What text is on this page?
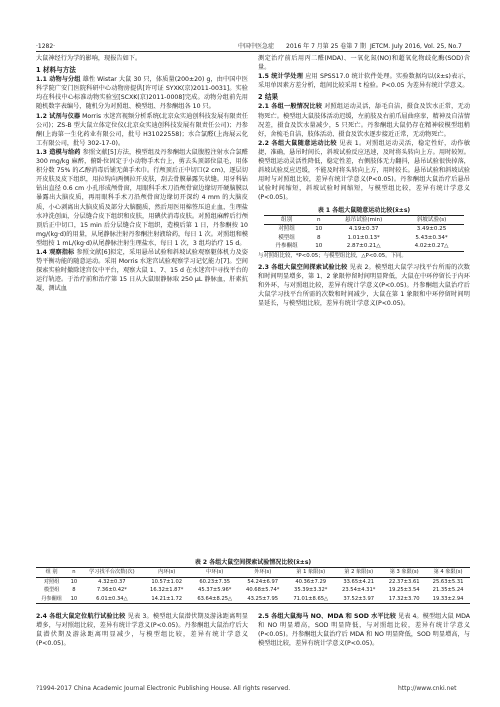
·1282·	中国中医急症 2016 年 7 月第 25 卷第 7 期 JETCM. July 2016, Vol. 25, No.7

大鼠神经行为学的影响，现报告如下。

1 材料与方法

1.1 动物与分组 雄性 Wistar 大鼠 30 只，体质量(200±20) g，由中国中医科学院广安门医院科研中心动物房提供[许可证 SYXK(京)2011-0031]。实验均在科技中心标准动物实验室[SCXK(京)2011-0008]完成。动物分组前先用随机数字表编号，随机分为对照组、模型组、丹参酮组各 10 只。

1.2 试剂与仪器 Morris 水迷宫视频分析系统(北京众实迪创科技发展有限责任公司)；ZS-B 型大鼠立体定位仪(北京众实迪创科技发展有限责任公司)；丹参酮(上海第一生化药业有限公司，批号 H31022558)；水合氯醛(上海展云化工有限公司，批号 302-17-0)。

1.3 造模与给药 参照文献[5]方法，模型组及丹参酮组大鼠腹腔注射水合氯醛 300 mg/kg 麻醉，俯卧位固定于小动物手术台上，剪去头顶部位鼠毛，用体积分数 75% 的乙醇消毒后铺无菌手术巾。行颅顶后正中切口(2 cm)，逐层切开皮肤及皮下组织，用拉钩向两侧拉开皮肤，刮去骨膜暴露矢状缝。用牙科钻钻出直径 0.6 cm 小孔形成颅骨窗，用眼科手术刀沿颅骨窗边缘切开硬脑膜以暴露出大脑皮质，再用眼科手术刀沿颅骨窗边缘切开深约 4 mm 的大脑皮质，小心剥离出大脑皮质及部分大脑髓质，然后用医用棉签压迫止血，生理盐水冲洗创面，分层缝合皮下组织和皮肤，用碘伏消毒皮肤。对照组麻醉后行颅顶后正中切口，15 min 后分层缝合皮下组织，造模后第 1 日，丹参酮按 10 mg/(kg·d)的用量，从尾静脉注射丹参酮注射液给药，每日 1 次。对照组和模型组按 1 mL/(kg·d)从尾静脉注射生理盐水，每日 1 次，3 组均治疗 15 d。

1.4 观察指标 参照文献[6]拟定，采用悬吊试验和斜坡试验观察躯体机力及姿势平衡功能的随意运动。采用 Morris 水迷宫试验观察学习记忆能力[7]。空间探索实验时撤除迷宫仪中平台，观察大鼠 1、7、15 d 在水迷宫中寻找平台的运行轨迹。于治疗前和治疗第 15 日从大鼠眼静脉取 250 μL 静脉血，肝素抗凝，测试血

测定治疗前后用丙二醛(MDA)、一氧化氮(NO)和超氧化物歧化酶(SOD)含量。

1.5 统计学处理 应用 SPSS17.0 统计软件处理。实验数据均以(x̄±s)表示，采用单因素方差分析，组间比较采用 t 检验。P<0.05 为差异有统计学意义。

2 结果

2.1 各组一般情况比较 对照组运动灵活，舔毛自洁，摄食及饮水正常，无动物死亡。模型组大鼠肢体活动迟缓，左前肢及右前爪屈曲痉挛，精神及自洁情况差，摄食及饮水量减少，5 只死亡。丹参酮组大鼠仍存在精神较模型组稍好，舍梳毛自洁，肢体活动、摄食及饮水逐步接近正常，无动物死亡。

2.2 各组大鼠随意运动比较 见表 1。对照组运动灵活，稳定性好，动作敏捷，准确，悬吊时间长，斜坡试验反应迅速，及时将头转向上方。用时较短。模型组运动灵活性降低，稳定性差，右侧肢体无力翻抖，悬吊试验很快掉落，斜坡试验反应迟缓，不能及时将头转向上方，用时较长。悬吊试验和斜坡试验用时与对照组比较，差异有统计学意义(P<0.05)。丹参酮组大鼠治疗后悬吊试验时间缩短，斜坡试验时间缩短，与模型组比较，差异有统计学意义(P<0.05)。

表 1 各组大鼠随意运动比较(x̄±s)
组别	n	悬吊试验(min)	斜坡试验(s)
对照组	10	4.19±0.37	3.49±0.25
模型组	8	1.01±0.13*	5.43±0.34*
丹参酮组	10	2.87±0.21△	4.02±0.27△
与对照组比较，*P<0.05；与模型组比较，△P<0.05。下同。

2.3 各组大鼠空间探索试验比较 见表 2。模型组大鼠学习找平台所需的次数和时间明显增多，第 1、2 象限停留时间明显降低，大鼠在中环停留长于内环和外环，与对照组比较，差异有统计学意义(P<0.05)。丹参酮组大鼠治疗后大鼠学习找平台所需的次数和时间减少，大鼠在第 1 象限和中环停留时间明显延长，与模型组比较，差异有统计学意义(P<0.05)。

表 2 各组大鼠空间探索试验情况比较(x̄±s)
组 别	n	学习找平台次数(次)	内环(s)	中环(s)	外环(s)	第 1 象限(s)	第 2 象限(s)	第 3 象限(s)	第 4 象限(s)
对照组	10	4.32±0.37	10.57±1.02	60.23±7.35	54.24±6.97	40.36±7.29	33.65±4.21	22.37±3.61	25.63±5.31
模型组	8	7.36±0.42*	16.32±1.87*	45.37±5.96*	40.68±5.74*	35.39±3.32*	23.54±4.31*	19.25±3.54	21.35±5.24
丹参酮组	10	6.01±0.34△	14.21±1.72	63.64±8.25△	43.25±7.95	71.01±8.65△	37.52±3.97	17.32±3.70	19.33±2.94

2.4 各组大鼠定位航行试验比较 见表 3。模型组大鼠潜伏期及游泳距离明显增多，与对照组比较，差异有统计学意义(P<0.05)。丹参酮组大鼠治疗后大鼠潜伏期及游泳距离明显减少，与模型组比较，差异有统计学意义(P<0.05)。

2.5 各组大鼠海马 NO、MDA 和 SOD 水平比较 见表 4。模型组大鼠 MDA 和 NO 明显增高，SOD 明显降低，与对照组比较，差异有统计学意义(P<0.05)。丹参酮组大鼠治疗后 MDA 和 NO 明显降低，SOD 明显增高，与模型组比较，差异有统计学意义(P<0.05)。

?1994-2017 China Academic Journal Electronic Publishing House. All rights reserved.	http://www.cnki.net
